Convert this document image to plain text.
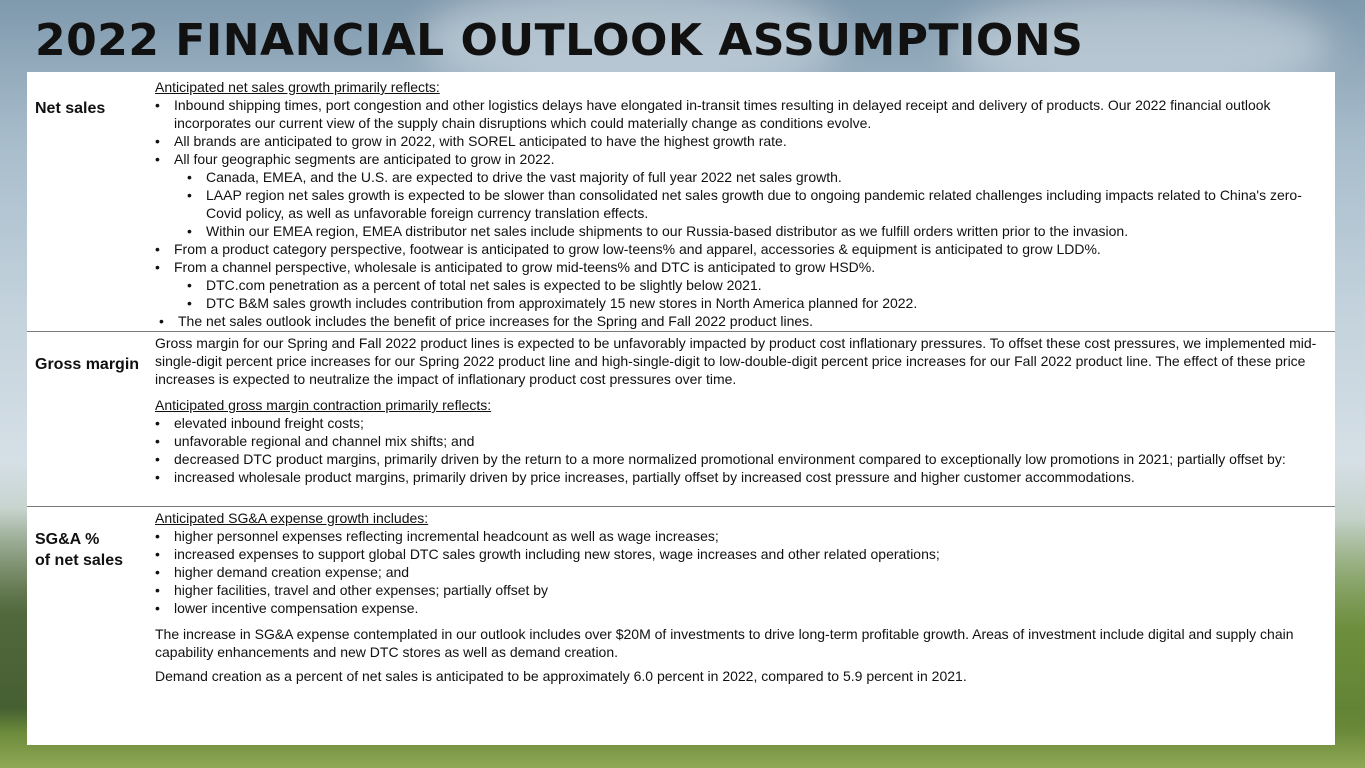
2022 FINANCIAL OUTLOOK ASSUMPTIONS
Net sales

Anticipated net sales growth primarily reflects:

• Inbound shipping times, port congestion and other logistics delays have elongated in-transit times resulting in delayed receipt and delivery of products. Our 2022 financial outlook incorporates our current view of the supply chain disruptions which could materially change as conditions evolve.
• All brands are anticipated to grow in 2022, with SOREL anticipated to have the highest growth rate.
• All four geographic segments are anticipated to grow in 2022.
• Canada, EMEA, and the U.S. are expected to drive the vast majority of full year 2022 net sales growth.
• LAAP region net sales growth is expected to be slower than consolidated net sales growth due to ongoing pandemic related challenges including impacts related to China's zero-Covid policy, as well as unfavorable foreign currency translation effects.
• Within our EMEA region, EMEA distributor net sales include shipments to our Russia-based distributor as we fulfill orders written prior to the invasion.
• From a product category perspective, footwear is anticipated to grow low-teens% and apparel, accessories & equipment is anticipated to grow LDD%.
• From a channel perspective, wholesale is anticipated to grow mid-teens% and DTC is anticipated to grow HSD%.
• DTC.com penetration as a percent of total net sales is expected to be slightly below 2021.
• DTC B&M sales growth includes contribution from approximately 15 new stores in North America planned for 2022.
• The net sales outlook includes the benefit of price increases for the Spring and Fall 2022 product lines.
Gross margin

Gross margin for our Spring and Fall 2022 product lines is expected to be unfavorably impacted by product cost inflationary pressures. To offset these cost pressures, we implemented mid-single-digit percent price increases for our Spring 2022 product line and high-single-digit to low-double-digit percent price increases for our Fall 2022 product line. The effect of these price increases is expected to neutralize the impact of inflationary product cost pressures over time.

Anticipated gross margin contraction primarily reflects:

• elevated inbound freight costs;
• unfavorable regional and channel mix shifts; and
• decreased DTC product margins, primarily driven by the return to a more normalized promotional environment compared to exceptionally low promotions in 2021; partially offset by:
• increased wholesale product margins, primarily driven by price increases, partially offset by increased cost pressure and higher customer accommodations.
SG&A %
of net sales

Anticipated SG&A expense growth includes:

• higher personnel expenses reflecting incremental headcount as well as wage increases;
• increased expenses to support global DTC sales growth including new stores, wage increases and other related operations;
• higher demand creation expense; and
• higher facilities, travel and other expenses; partially offset by
• lower incentive compensation expense.

The increase in SG&A expense contemplated in our outlook includes over $20M of investments to drive long-term profitable growth. Areas of investment include digital and supply chain capability enhancements and new DTC stores as well as demand creation.

Demand creation as a percent of net sales is anticipated to be approximately 6.0 percent in 2022, compared to 5.9 percent in 2021.
